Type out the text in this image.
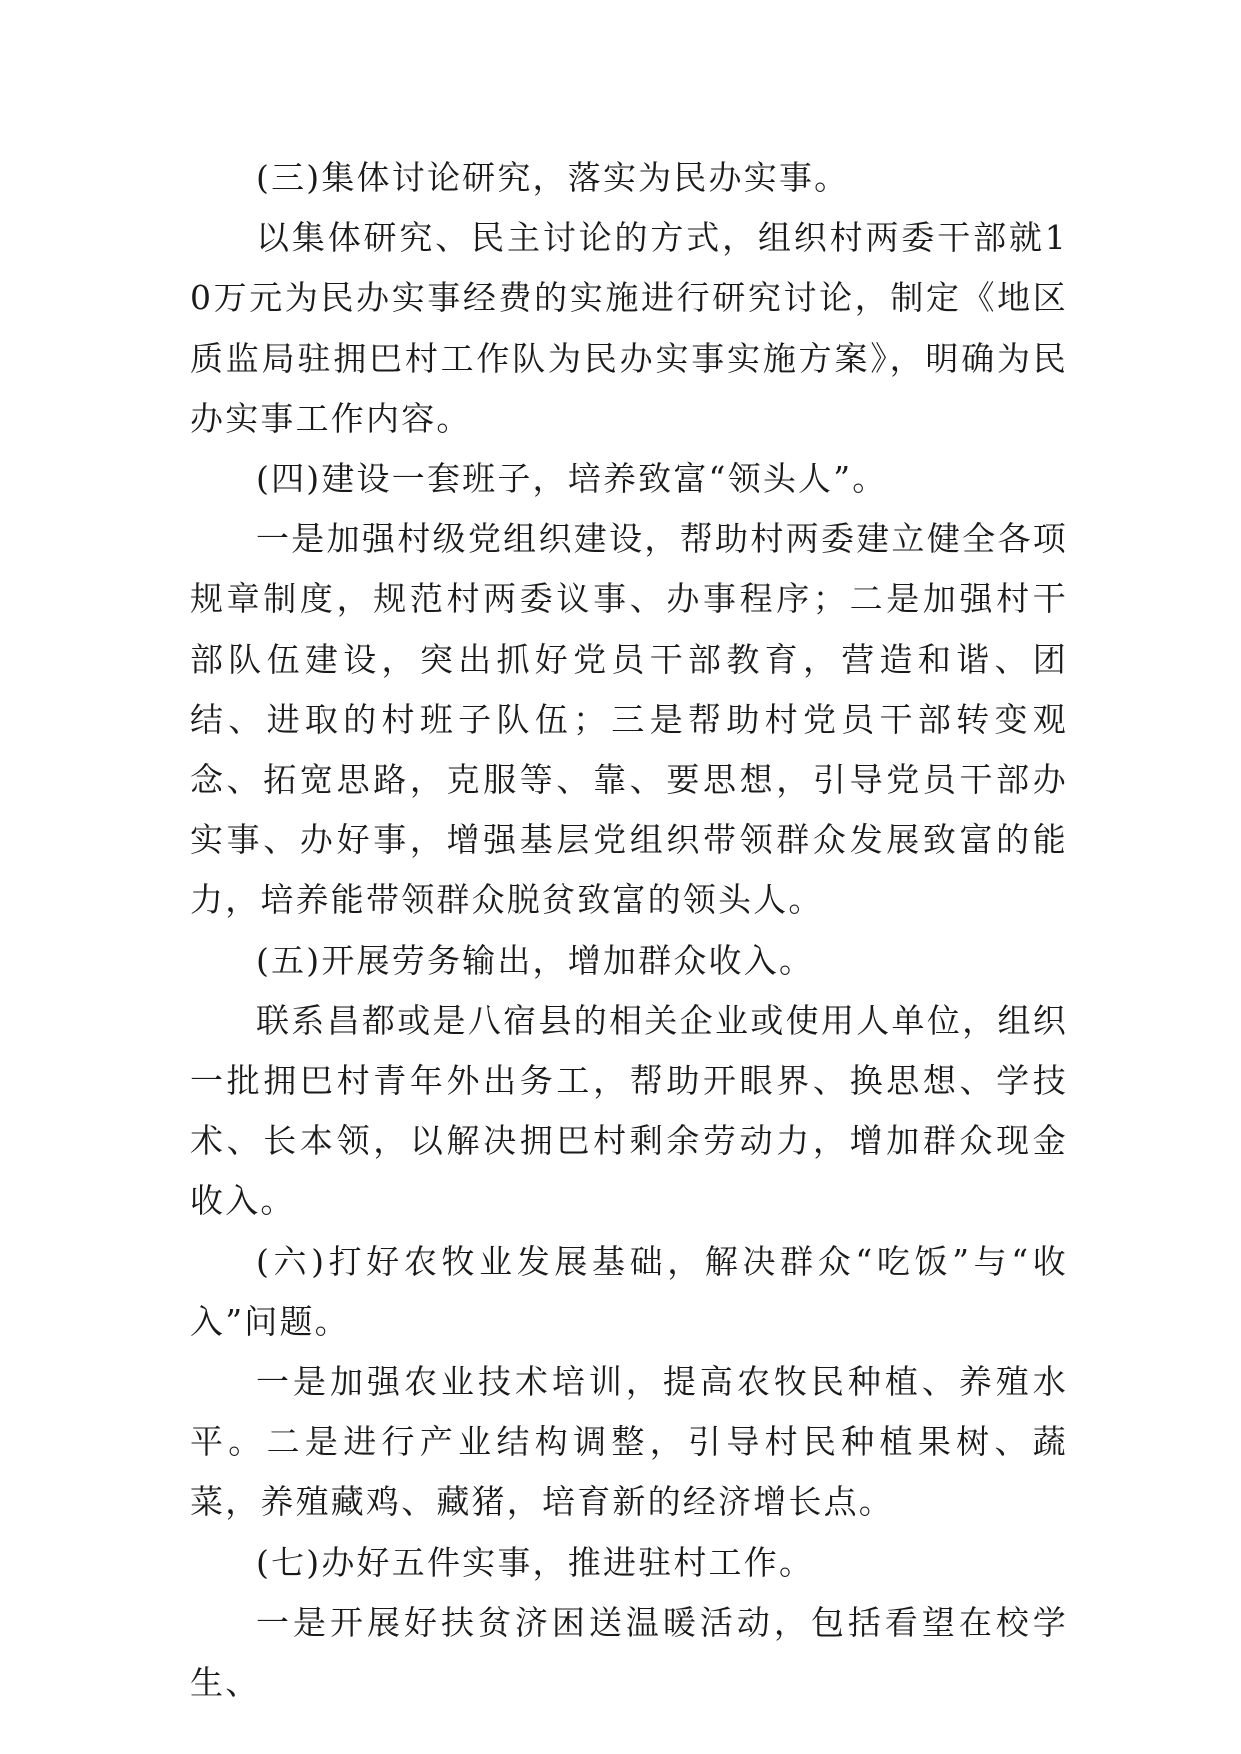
(三)集体讨论研究，落实为民办实事。

以集体研究、民主讨论的方式，组织村两委干部就10万元为民办实事经费的实施进行研究讨论，制定《地区质监局驻拥巴村工作队为民办实事实施方案》，明确为民办实事工作内容。

(四)建设一套班子，培养致富“领头人”。

一是加强村级党组织建设，帮助村两委建立健全各项规章制度，规范村两委议事、办事程序；二是加强村干部队伍建设，突出抓好党员干部教育，营造和谐、团结、进取的村班子队伍；三是帮助村党员干部转变观念、拓宽思路，克服等、靠、要思想，引导党员干部办实事、办好事，增强基层党组织带领群众发展致富的能力，培养能带领群众脱贫致富的领头人。

(五)开展劳务输出，增加群众收入。

联系昌都或是八宿县的相关企业或使用人单位，组织一批拥巴村青年外出务工，帮助开眼界、换思想、学技术、长本领，以解决拥巴村剩余劳动力，增加群众现金收入。

(六)打好农牧业发展基础，解决群众“吃饭”与“收入”问题。

一是加强农业技术培训，提高农牧民种植、养殖水平。二是进行产业结构调整，引导村民种植果树、蔬菜，养殖藏鸡、藏猪，培育新的经济增长点。

(七)办好五件实事，推进驻村工作。

一是开展好扶贫济困送温暖活动，包括看望在校学生、
